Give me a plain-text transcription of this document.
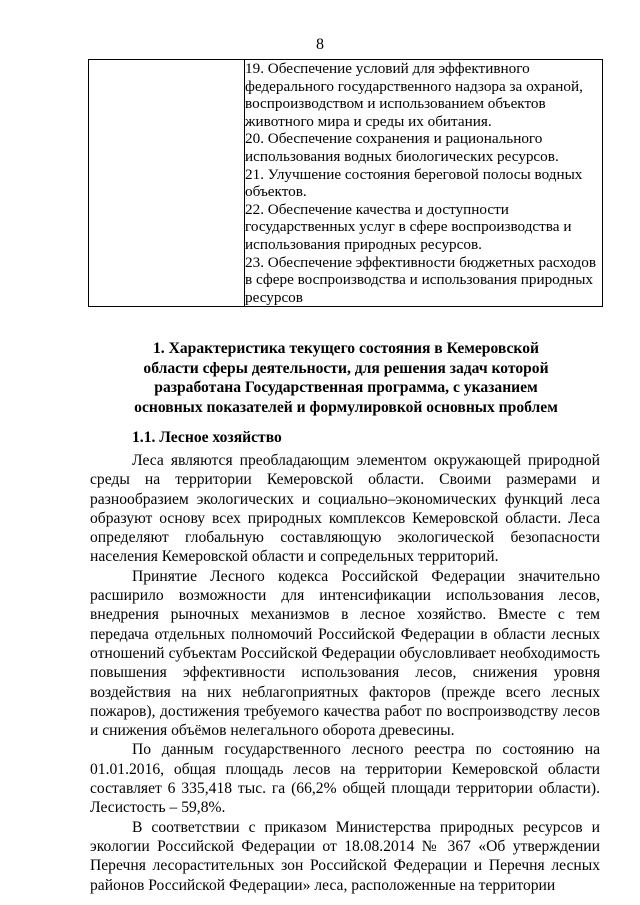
8

19. Обеспечение условий для эффективного федерального государственного надзора за охраной, воспроизводством и использованием объектов животного мира и среды их обитания.

20. Обеспечение сохранения и рационального использования водных биологических ресурсов.

21. Улучшение состояния береговой полосы водных объектов.

22. Обеспечение качества и доступности государственных услуг в сфере воспроизводства и использования природных ресурсов.

23. Обеспечение эффективности бюджетных расходов в сфере воспроизводства и использования природных ресурсов

1. Характеристика текущего состояния в Кемеровской
области сферы деятельности, для решения задач которой
разработана Государственная программа, с указанием
основных показателей и формулировкой основных проблем
1.1. Лесное хозяйство

Леса являются преобладающим элементом окружающей природной среды на территории Кемеровской области. Своими размерами и разнообразием экологических и социально–экономических функций леса образуют основу всех природных комплексов Кемеровской области. Леса определяют глобальную составляющую экологической безопасности населения Кемеровской области и сопредельных территорий.

Принятие Лесного кодекса Российской Федерации значительно расширило возможности для интенсификации использования лесов, внедрения рыночных механизмов в лесное хозяйство. Вместе с тем передача отдельных полномочий Российской Федерации в области лесных отношений субъектам Российской Федерации обусловливает необходимость повышения эффективности использования лесов, снижения уровня воздействия на них неблагоприятных факторов (прежде всего лесных пожаров), достижения требуемого качества работ по воспроизводству лесов и снижения объёмов нелегального оборота древесины.

По данным государственного лесного реестра по состоянию на 01.01.2016, общая площадь лесов на территории Кемеровской области составляет 6 335,418 тыс. га (66,2% общей площади территории области). Лесистость – 59,8%.

В соответствии с приказом Министерства природных ресурсов и экологии Российской Федерации от 18.08.2014 № 367 «Об утверждении Перечня лесорастительных зон Российской Федерации и Перечня лесных районов Российской Федерации» леса, расположенные на территории
